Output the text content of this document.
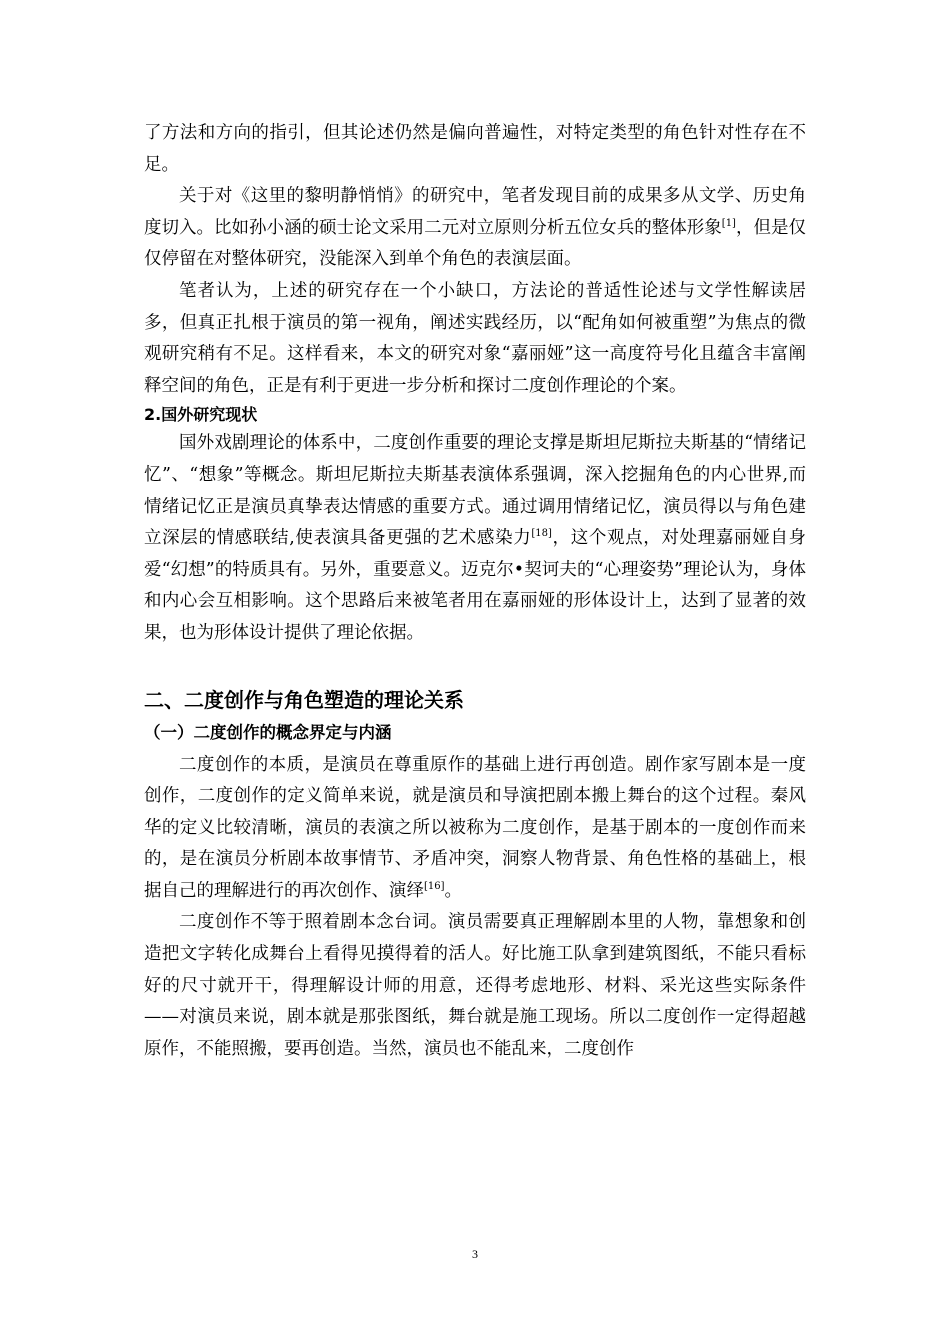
了方法和方向的指引，但其论述仍然是偏向普遍性，对特定类型的角色针对性存在不足。

关于对《这里的黎明静悄悄》的研究中，笔者发现目前的成果多从文学、历史角度切入。比如孙小涵的硕士论文采用二元对立原则分析五位女兵的整体形象[1]，但是仅仅停留在对整体研究，没能深入到单个角色的表演层面。

笔者认为，上述的研究存在一个小缺口，方法论的普适性论述与文学性解读居多，但真正扎根于演员的第一视角，阐述实践经历，以“配角如何被重塑”为焦点的微观研究稍有不足。这样看来，本文的研究对象“嘉丽娅”这一高度符号化且蕴含丰富阐释空间的角色，正是有利于更进一步分析和探讨二度创作理论的个案。

2.国外研究现状

国外戏剧理论的体系中，二度创作重要的理论支撑是斯坦尼斯拉夫斯基的“情绪记忆”、“想象”等概念。斯坦尼斯拉夫斯基表演体系强调，深入挖掘角色的内心世界,而情绪记忆正是演员真挚表达情感的重要方式。通过调用情绪记忆，演员得以与角色建立深层的情感联结,使表演具备更强的艺术感染力[18]，这个观点，对处理嘉丽娅自身爱“幻想”的特质具有。另外，重要意义。迈克尔•契诃夫的“心理姿势”理论认为，身体和内心会互相影响。这个思路后来被笔者用在嘉丽娅的形体设计上，达到了显著的效果，也为形体设计提供了理论依据。

二、二度创作与角色塑造的理论关系
（一）二度创作的概念界定与内涵

二度创作的本质，是演员在尊重原作的基础上进行再创造。剧作家写剧本是一度创作，二度创作的定义简单来说，就是演员和导演把剧本搬上舞台的这个过程。秦风华的定义比较清晰，演员的表演之所以被称为二度创作，是基于剧本的一度创作而来的，是在演员分析剧本故事情节、矛盾冲突，洞察人物背景、角色性格的基础上，根据自己的理解进行的再次创作、演绎[16]。

二度创作不等于照着剧本念台词。演员需要真正理解剧本里的人物，靠想象和创造把文字转化成舞台上看得见摸得着的活人。好比施工队拿到建筑图纸，不能只看标好的尺寸就开干，得理解设计师的用意，还得考虑地形、材料、采光这些实际条件——对演员来说，剧本就是那张图纸，舞台就是施工现场。所以二度创作一定得超越原作，不能照搬，要再创造。当然，演员也不能乱来，二度创作

3
